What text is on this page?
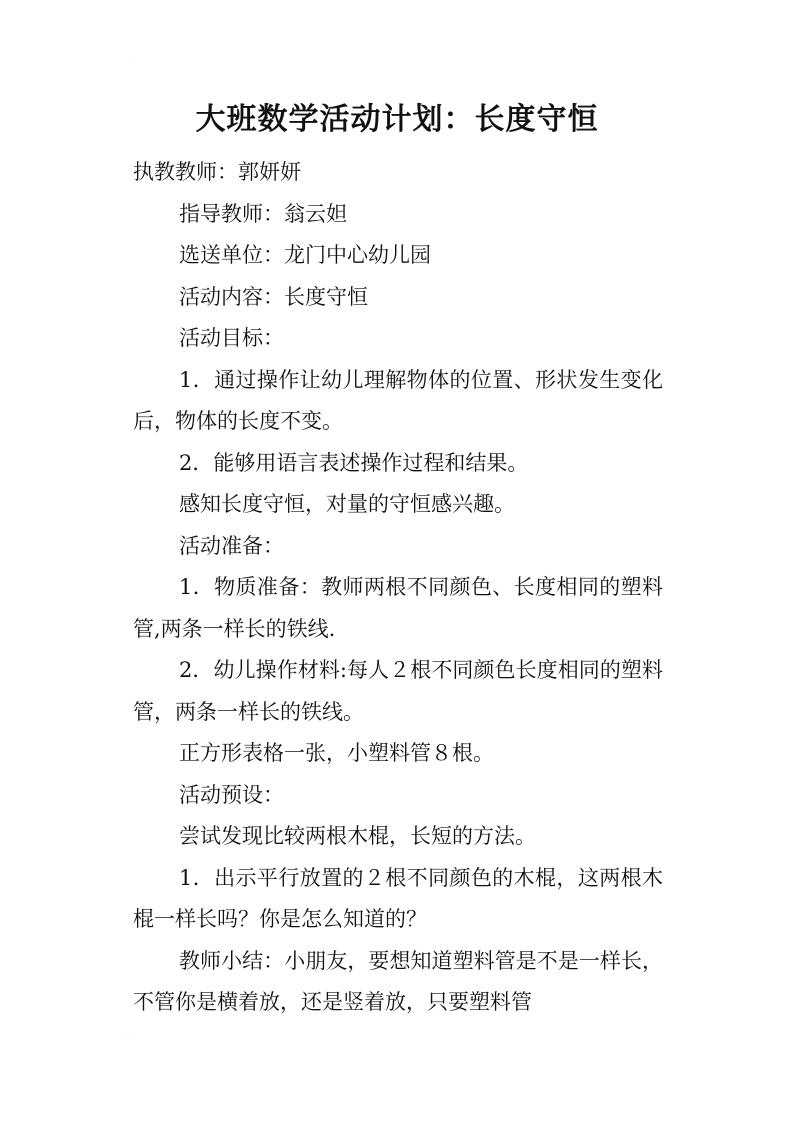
˙
大班数学活动计划：长度守恒

执教教师：郭妍妍

指导教师：翁云妲

选送单位：龙门中心幼儿园

活动内容：长度守恒

活动目标：

1．通过操作让幼儿理解物体的位置、形状发生变化后，物体的长度不变。

2．能够用语言表述操作过程和结果。

感知长度守恒，对量的守恒感兴趣。

活动准备：

1．物质准备：教师两根不同颜色、长度相同的塑料管,两条一样长的铁线.

2．幼儿操作材料:每人２根不同颜色长度相同的塑料管，两条一样长的铁线。

正方形表格一张，小塑料管８根。

活动预设：

尝试发现比较两根木棍，长短的方法。

1．出示平行放置的２根不同颜色的木棍，这两根木棍一样长吗？你是怎么知道的？

教师小结：小朋友，要想知道塑料管是不是一样长，不管你是横着放，还是竖着放，只要塑料管

˙
